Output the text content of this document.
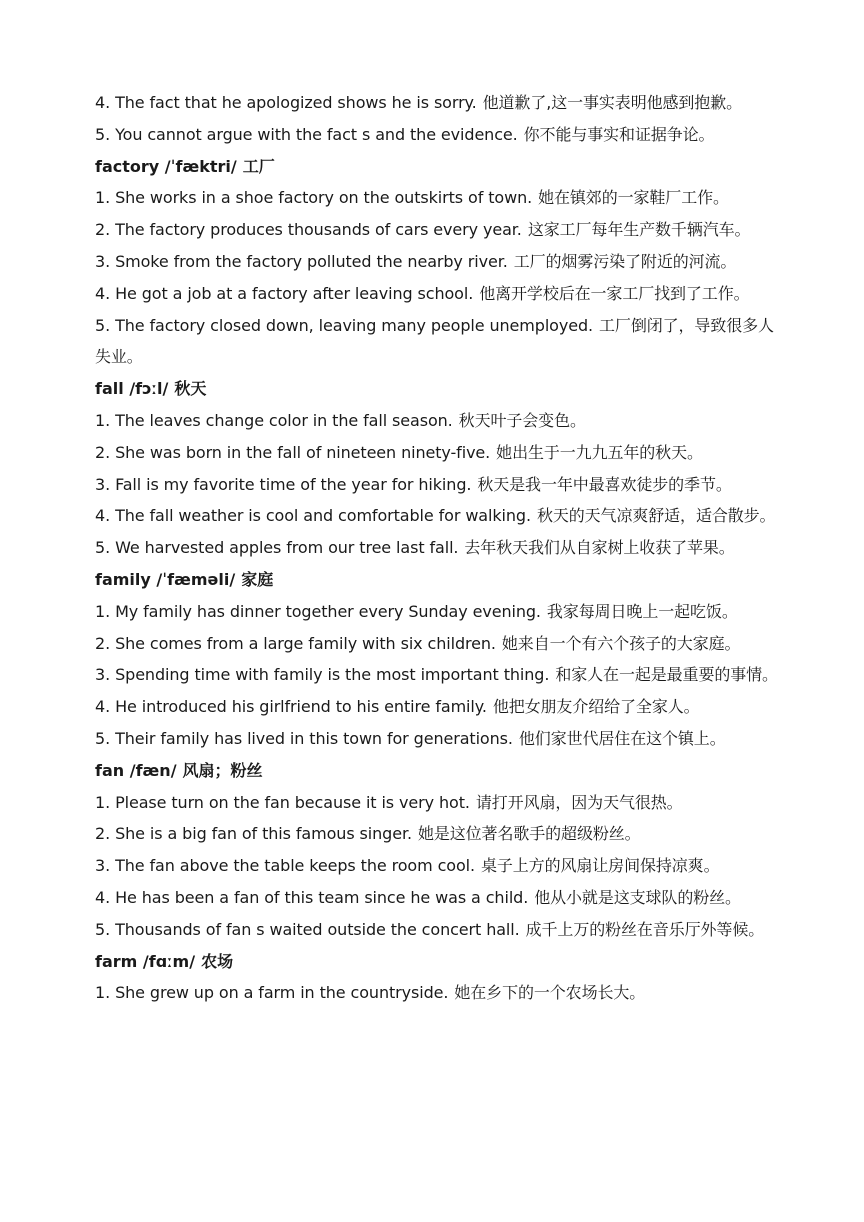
4. The fact that he apologized shows he is sorry. 他道歉了,这一事实表明他感到抱歉。
5. You cannot argue with the fact s and the evidence. 你不能与事实和证据争论。
factory /ˈfæktri/ 工厂
1. She works in a shoe factory on the outskirts of town. 她在镇郊的一家鞋厂工作。
2. The factory produces thousands of cars every year. 这家工厂每年生产数千辆汽车。
3. Smoke from the factory polluted the nearby river. 工厂的烟雾污染了附近的河流。
4. He got a job at a factory after leaving school. 他离开学校后在一家工厂找到了工作。
5. The factory closed down, leaving many people unemployed. 工厂倒闭了，导致很多人失业。
fall /fɔːl/ 秋天
1. The leaves change color in the fall season. 秋天叶子会变色。
2. She was born in the fall of nineteen ninety-five. 她出生于一九九五年的秋天。
3. Fall is my favorite time of the year for hiking. 秋天是我一年中最喜欢徒步的季节。
4. The fall weather is cool and comfortable for walking. 秋天的天气凉爽舒适，适合散步。
5. We harvested apples from our tree last fall. 去年秋天我们从自家树上收获了苹果。
family /ˈfæməli/ 家庭
1. My family has dinner together every Sunday evening. 我家每周日晚上一起吃饭。
2. She comes from a large family with six children. 她来自一个有六个孩子的大家庭。
3. Spending time with family is the most important thing. 和家人在一起是最重要的事情。
4. He introduced his girlfriend to his entire family. 他把女朋友介绍给了全家人。
5. Their family has lived in this town for generations. 他们家世代居住在这个镇上。
fan /fæn/ 风扇；粉丝
1. Please turn on the fan because it is very hot. 请打开风扇，因为天气很热。
2. She is a big fan of this famous singer. 她是这位著名歌手的超级粉丝。
3. The fan above the table keeps the room cool. 桌子上方的风扇让房间保持凉爽。
4. He has been a fan of this team since he was a child. 他从小就是这支球队的粉丝。
5. Thousands of fan s waited outside the concert hall. 成千上万的粉丝在音乐厅外等候。
farm /fɑːm/ 农场
1. She grew up on a farm in the countryside. 她在乡下的一个农场长大。
